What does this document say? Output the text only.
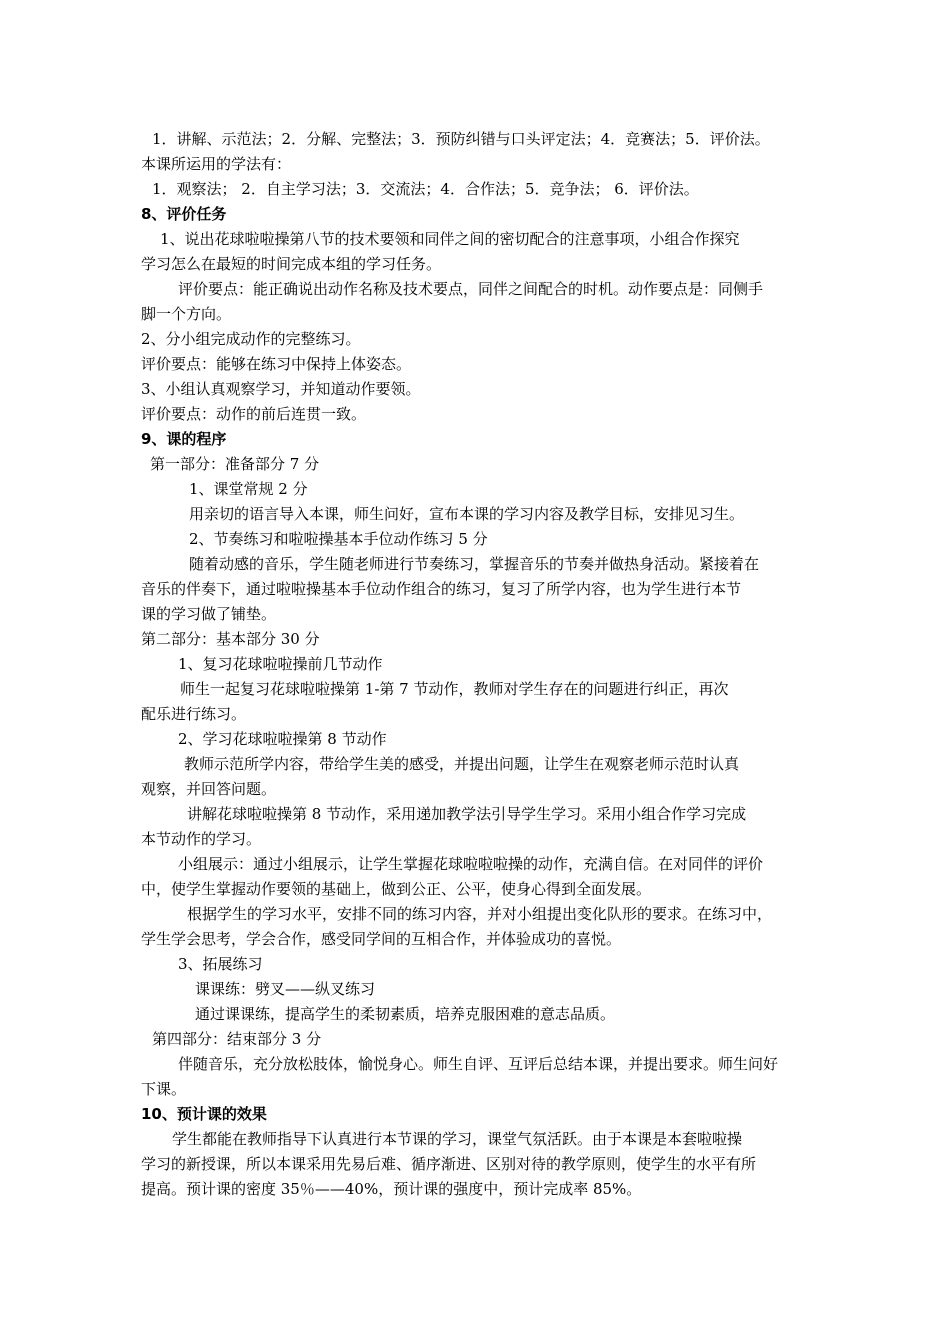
1．讲解、示范法；2．分解、完整法；3．预防纠错与口头评定法；4．竞赛法；5．评价法。
本课所运用的学法有：
1．观察法； 2．自主学习法；3．交流法；4．合作法；5．竞争法； 6．评价法。
8、评价任务
1、说出花球啦啦操第八节的技术要领和同伴之间的密切配合的注意事项，小组合作探究
学习怎么在最短的时间完成本组的学习任务。
评价要点：能正确说出动作名称及技术要点，同伴之间配合的时机。动作要点是：同侧手
脚一个方向。
2、分小组完成动作的完整练习。
评价要点：能够在练习中保持上体姿态。
3、小组认真观察学习，并知道动作要领。
评价要点：动作的前后连贯一致。
9、课的程序
第一部分：准备部分 7 分
1、课堂常规 2 分
用亲切的语言导入本课，师生问好，宣布本课的学习内容及教学目标，安排见习生。
2、节奏练习和啦啦操基本手位动作练习 5 分
随着动感的音乐，学生随老师进行节奏练习，掌握音乐的节奏并做热身活动。紧接着在
音乐的伴奏下，通过啦啦操基本手位动作组合的练习，复习了所学内容，也为学生进行本节
课的学习做了铺垫。
第二部分：基本部分 30 分
1、复习花球啦啦操前几节动作
师生一起复习花球啦啦操第 1-第 7 节动作，教师对学生存在的问题进行纠正，再次
配乐进行练习。
2、学习花球啦啦操第 8 节动作
教师示范所学内容，带给学生美的感受，并提出问题，让学生在观察老师示范时认真
观察，并回答问题。
讲解花球啦啦操第 8 节动作，采用递加教学法引导学生学习。采用小组合作学习完成
本节动作的学习。
小组展示：通过小组展示，让学生掌握花球啦啦啦操的动作，充满自信。在对同伴的评价
中，使学生掌握动作要领的基础上，做到公正、公平，使身心得到全面发展。
根据学生的学习水平，安排不同的练习内容，并对小组提出变化队形的要求。在练习中，
学生学会思考，学会合作，感受同学间的互相合作，并体验成功的喜悦。
3、拓展练习
课课练：劈叉——纵叉练习
通过课课练，提高学生的柔韧素质，培养克服困难的意志品质。
第四部分：结束部分 3 分
伴随音乐，充分放松肢体，愉悦身心。师生自评、互评后总结本课，并提出要求。师生问好
下课。
10、预计课的效果
学生都能在教师指导下认真进行本节课的学习，课堂气氛活跃。由于本课是本套啦啦操
学习的新授课，所以本课采用先易后难、循序渐进、区别对待的教学原则，使学生的水平有所
提高。预计课的密度 35％——40%，预计课的强度中，预计完成率 85%。
